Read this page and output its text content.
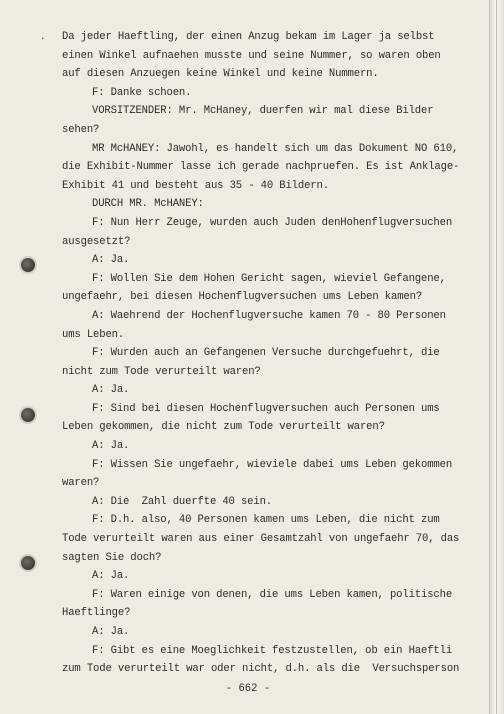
· Da jeder Haeftling, der einen Anzug bekam im Lager ja selbst

einen Winkel aufnaehen musste und seine Nummer, so waren oben

auf diesen Anzuegen keine Winkel und keine Nummern.

F: Danke schoen.

VORSITZENDER: Mr. McHaney, duerfen wir mal diese Bilder

sehen?

MR McHANEY: Jawohl, es handelt sich um das Dokument NO 610,

die Exhibit-Nummer lasse ich gerade nachpruefen. Es ist Anklage-

Exhibit 41 und besteht aus 35 - 40 Bildern.

DURCH MR. McHANEY:

F: Nun Herr Zeuge, wurden auch Juden denHohenflugversuchen

ausgesetzt?

A: Ja.

F: Wollen Sie dem Hohen Gericht sagen, wieviel Gefangene,

ungefaehr, bei diesen Hochenflugversuchen ums Leben kamen?

A: Waehrend der Hochenflugversuche kamen 70 - 80 Personen

ums Leben.

F: Wurden auch an Gefangenen Versuche durchgefuehrt, die

nicht zum Tode verurteilt waren?

A: Ja.

F: Sind bei diesen Hochenflugversuchen auch Personen ums

Leben gekommen, die nicht zum Tode verurteilt waren?

A: Ja.

F: Wissen Sie ungefaehr, wieviele dabei ums Leben gekommen

waren?

A: Die  Zahl duerfte 40 sein.

F: D.h. also, 40 Personen kamen ums Leben, die nicht zum

Tode verurteilt waren aus einer Gesamtzahl von ungefaehr 70, das

sagten Sie doch?

A: Ja.

F: Waren einige von denen, die ums Leben kamen, politische

Haeftlinge?

A: Ja.

F: Gibt es eine Moeglichkeit festzustellen, ob ein Haeftli

zum Tode verurteilt war oder nicht, d.h. als die  Versuchsperson

- 662 -
